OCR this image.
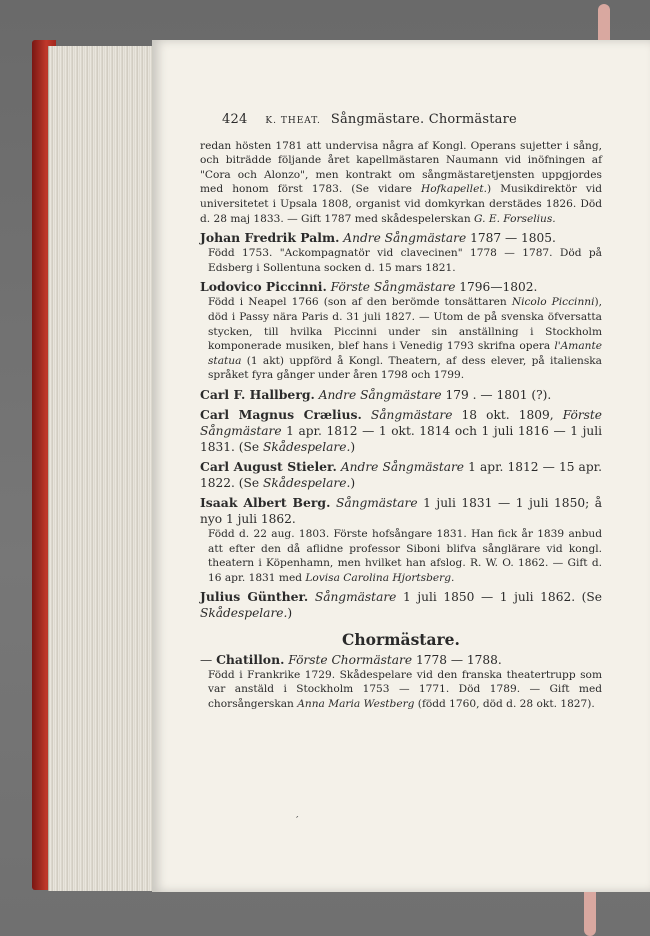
424 K. THEAT. Sångmästare. Chormästare

redan hösten 1781 att undervisa några af Kongl. Operans sujetter i sång, och biträdde följande året kapellmästaren Naumann vid inöfningen af "Cora och Alonzo", men kontrakt om sångmästaretjensten uppgjordes med honom först 1783. (Se vidare Hofkapellet.) Musikdirektör vid universitetet i Upsala 1808, organist vid domkyrkan derstädes 1826. Död d. 28 maj 1833. — Gift 1787 med skådespelerskan G. E. Forselius.

Johan Fredrik Palm. Andre Sångmästare 1787 — 1805.

Född 1753. "Ackompagnatör vid clavecinen" 1778 — 1787. Död på Edsberg i Sollentuna socken d. 15 mars 1821.

Lodovico Piccinni. Förste Sångmästare 1796—1802.

Född i Neapel 1766 (son af den berömde tonsättaren Nicolo Piccinni), död i Passy nära Paris d. 31 juli 1827. — Utom de på svenska öfversatta stycken, till hvilka Piccinni under sin anställning i Stockholm komponerade musiken, blef hans i Venedig 1793 skrifna opera l'Amante statua (1 akt) uppförd å Kongl. Theatern, af dess elever, på italienska språket fyra gånger under åren 1798 och 1799.

Carl F. Hallberg. Andre Sångmästare 179 . — 1801 (?).

Carl Magnus Crælius. Sångmästare 18 okt. 1809, Förste Sångmästare 1 apr. 1812 — 1 okt. 1814 och 1 juli 1816 — 1 juli 1831. (Se Skådespelare.)

Carl August Stieler. Andre Sångmästare 1 apr. 1812 — 15 apr. 1822. (Se Skådespelare.)

Isaak Albert Berg. Sångmästare 1 juli 1831 — 1 juli 1850; å nyo 1 juli 1862.

Född d. 22 aug. 1803. Förste hofsångare 1831. Han fick år 1839 anbud att efter den då aflidne professor Siboni blifva sånglärare vid kongl. theatern i Köpenhamn, men hvilket han afslog. R. W. O. 1862. — Gift d. 16 apr. 1831 med Lovisa Carolina Hjortsberg.

Julius Günther. Sångmästare 1 juli 1850 — 1 juli 1862. (Se Skådespelare.)

Chormästare.

— Chatillon. Förste Chormästare 1778 — 1788.

Född i Frankrike 1729. Skådespelare vid den franska theatertrupp som var anstäld i Stockholm 1753 — 1771. Död 1789. — Gift med chorsångerskan Anna Maria Westberg (född 1760, död d. 28 okt. 1827).

′
